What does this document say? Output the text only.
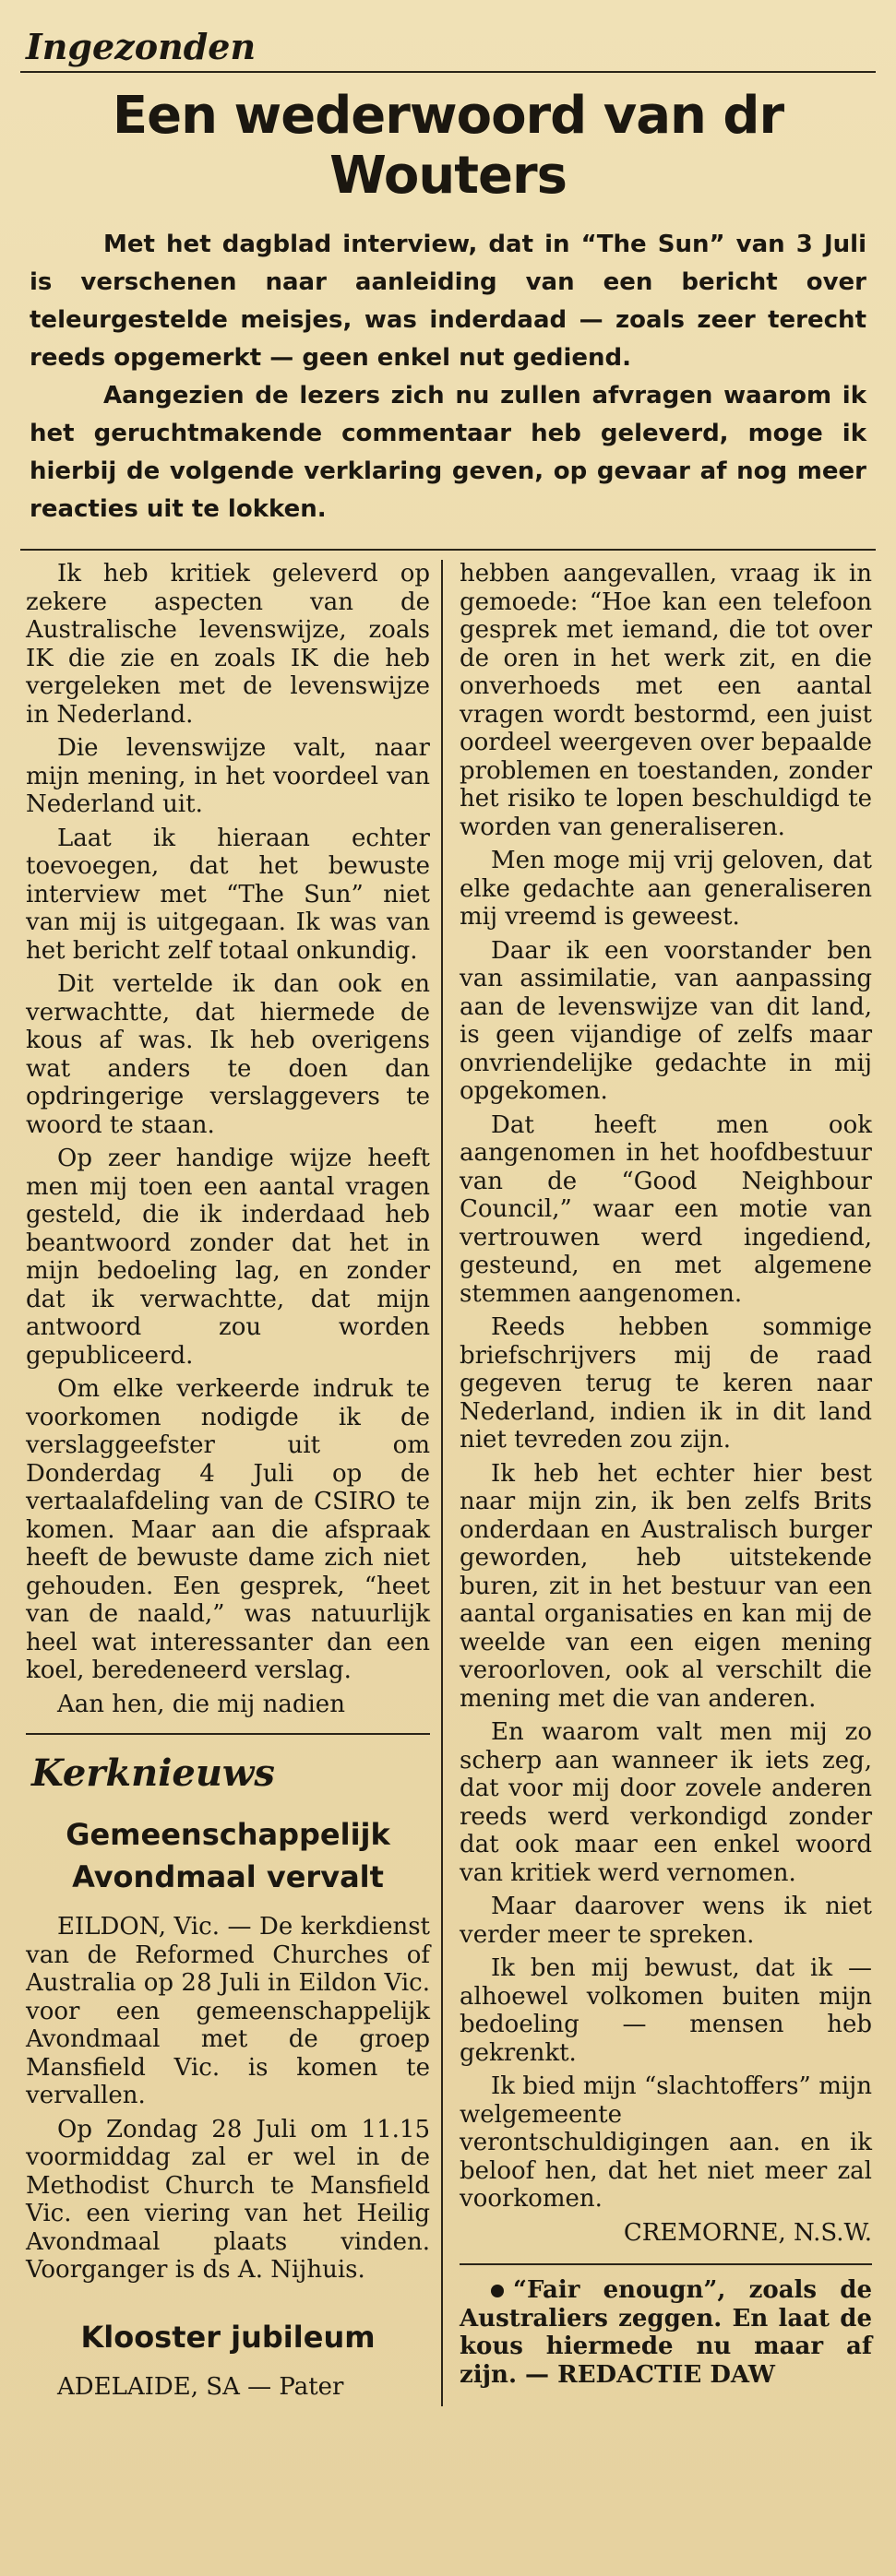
Ingezonden
Een wederwoord van dr Wouters

Met het dagblad interview, dat in “The Sun” van 3 Juli is verschenen naar aanleiding van een bericht over teleurgestelde meisjes, was inderdaad — zoals zeer terecht reeds opgemerkt — geen enkel nut gediend.

Aangezien de lezers zich nu zullen afvragen waarom ik het geruchtmakende commentaar heb geleverd, moge ik hierbij de volgende verklaring geven, op gevaar af nog meer reacties uit te lokken.

Ik heb kritiek geleverd op zekere aspecten van de Australische levenswijze, zoals IK die zie en zoals IK die heb vergeleken met de levenswijze in Nederland.

Die levenswijze valt, naar mijn mening, in het voordeel van Nederland uit.

Laat ik hieraan echter toevoegen, dat het bewuste interview met “The Sun” niet van mij is uitgegaan. Ik was van het bericht zelf totaal onkundig.

Dit vertelde ik dan ook en verwachtte, dat hiermede de kous af was. Ik heb overigens wat anders te doen dan opdringerige verslaggevers te woord te staan.

Op zeer handige wijze heeft men mij toen een aantal vragen gesteld, die ik inderdaad heb beantwoord zonder dat het in mijn bedoeling lag, en zonder dat ik verwachtte, dat mijn antwoord zou worden gepubliceerd.

Om elke verkeerde indruk te voorkomen nodigde ik de verslaggeefster uit om Donderdag 4 Juli op de vertaalafdeling van de CSIRO te komen. Maar aan die afspraak heeft de bewuste dame zich niet gehouden. Een gesprek, “heet van de naald,” was natuurlijk heel wat interessanter dan een koel, beredeneerd verslag.

Aan hen, die mij nadien

Kerknieuws
Gemeenschappelijk
Avondmaal vervalt

EILDON, Vic. — De kerkdienst van de Reformed Churches of Australia op 28 Juli in Eildon Vic. voor een gemeenschappelijk Avondmaal met de groep Mansfield Vic. is komen te vervallen.

Op Zondag 28 Juli om 11.15 voormiddag zal er wel in de Methodist Church te Mansfield Vic. een viering van het Heilig Avondmaal plaats vinden. Voorganger is ds A. Nijhuis.

Klooster jubileum

ADELAIDE, SA — Pater

hebben aangevallen, vraag ik in gemoede: “Hoe kan een telefoon gesprek met iemand, die tot over de oren in het werk zit, en die onverhoeds met een aantal vragen wordt bestormd, een juist oordeel weergeven over bepaalde problemen en toestanden, zonder het risiko te lopen beschuldigd te worden van generaliseren.

Men moge mij vrij geloven, dat elke gedachte aan generaliseren mij vreemd is geweest.

Daar ik een voorstander ben van assimilatie, van aanpassing aan de levenswijze van dit land, is geen vijandige of zelfs maar onvriendelijke gedachte in mij opgekomen.

Dat heeft men ook aangenomen in het hoofdbestuur van de “Good Neighbour Council,” waar een motie van vertrouwen werd ingediend, gesteund, en met algemene stemmen aangenomen.

Reeds hebben sommige briefschrijvers mij de raad gegeven terug te keren naar Nederland, indien ik in dit land niet tevreden zou zijn.

Ik heb het echter hier best naar mijn zin, ik ben zelfs Brits onderdaan en Australisch burger geworden, heb uitstekende buren, zit in het bestuur van een aantal organisaties en kan mij de weelde van een eigen mening veroorloven, ook al verschilt die mening met die van anderen.

En waarom valt men mij zo scherp aan wanneer ik iets zeg, dat voor mij door zovele anderen reeds werd verkondigd zonder dat ook maar een enkel woord van kritiek werd vernomen.

Maar daarover wens ik niet verder meer te spreken.

Ik ben mij bewust, dat ik — alhoewel volkomen buiten mijn bedoeling — mensen heb gekrenkt.

Ik bied mijn “slachtoffers” mijn welgemeente verontschuldigingen aan. en ik beloof hen, dat het niet meer zal voorkomen.

CREMORNE, N.S.W.

“Fair enougn”, zoals de Australiers zeggen. En laat de kous hiermede nu maar af zijn. — REDACTIE DAW
